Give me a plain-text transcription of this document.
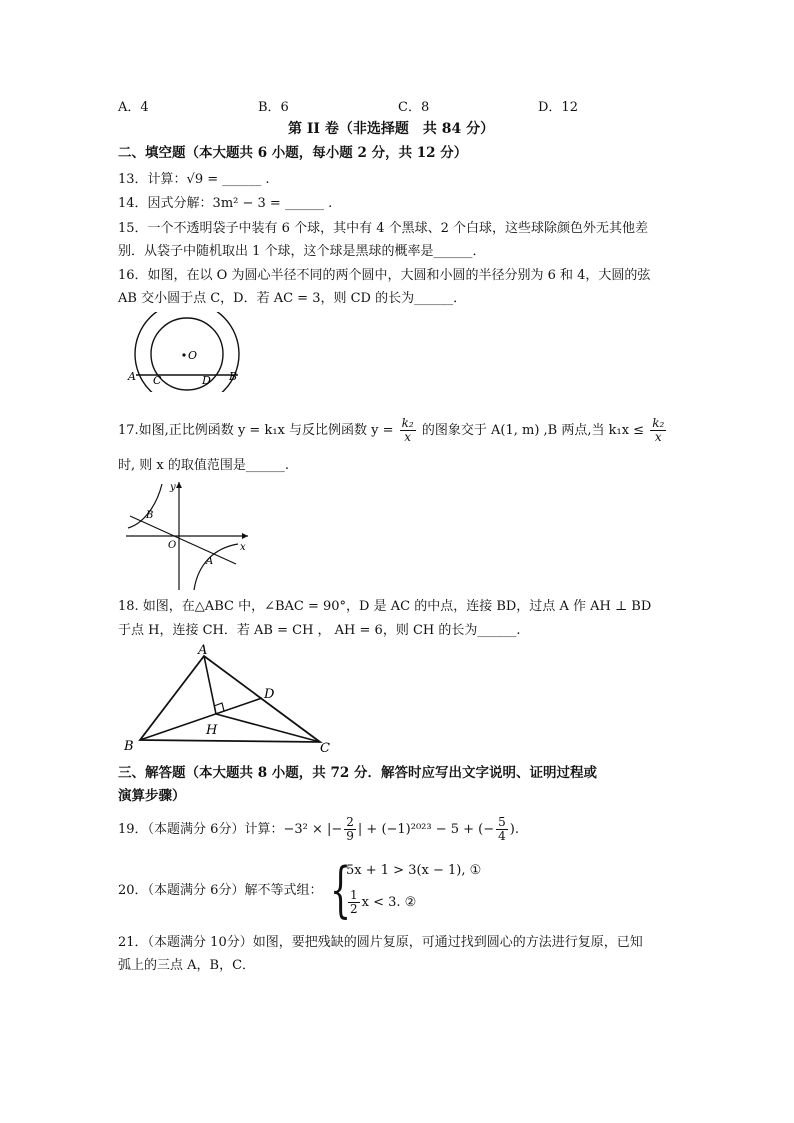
A．4	B．6	C．8	D．12
第 II 卷（非选择题　共 84 分）
二、填空题（本大题共 6 小题，每小题 2 分，共 12 分）
13．计算：√9 = ______ .
14．因式分解：3m² − 3 = ______ .
15．一个不透明袋子中装有 6 个球，其中有 4 个黑球、2 个白球，这些球除颜色外无其他差
别．从袋子中随机取出 1 个球，这个球是黑球的概率是______．
16．如图，在以 O 为圆心半径不同的两个圆中，大圆和小圆的半径分别为 6 和 4，大圆的弦
AB 交小圆于点 C，D．若 AC = 3，则 CD 的长为______．
O
A C	D B
17.如图,正比例函数 y = k₁x 与反比例函数 $y = \frac{\text{k₂}}{x}$ 的图象交于 A(1, m) ,B 两点,当 $k_1x \le \frac{\text{k₂}}{x}$
时, 则 x 的取值范围是______.
y
x
O
B
A
18. 如图，在△ABC 中，∠BAC = 90°，D 是 AC 的中点，连接 BD，过点 A 作 AH ⊥ BD
于点 H，连接 CH．若 AB = CH ， AH = 6，则 CH 的长为______.
A
B	C
D
H
三、解答题（本大题共 8 小题，共 72 分．解答时应写出文字说明、证明过程或
演算步骤）
19．（本题满分 6分）计算：−3² × |− $\frac{2}{9}$ | + (−1)²⁰²³ − 5 + (− $\frac{5}{4}$ ).
20．（本题满分 6分）解不等式组： {
5x + 1 > 3(x − 1), ①
$\frac{1}{2}$ x < 3. ②
21．（本题满分 10分）如图，要把残缺的圆片复原，可通过找到圆心的方法进行复原，已知
弧上的三点 A，B，C．
